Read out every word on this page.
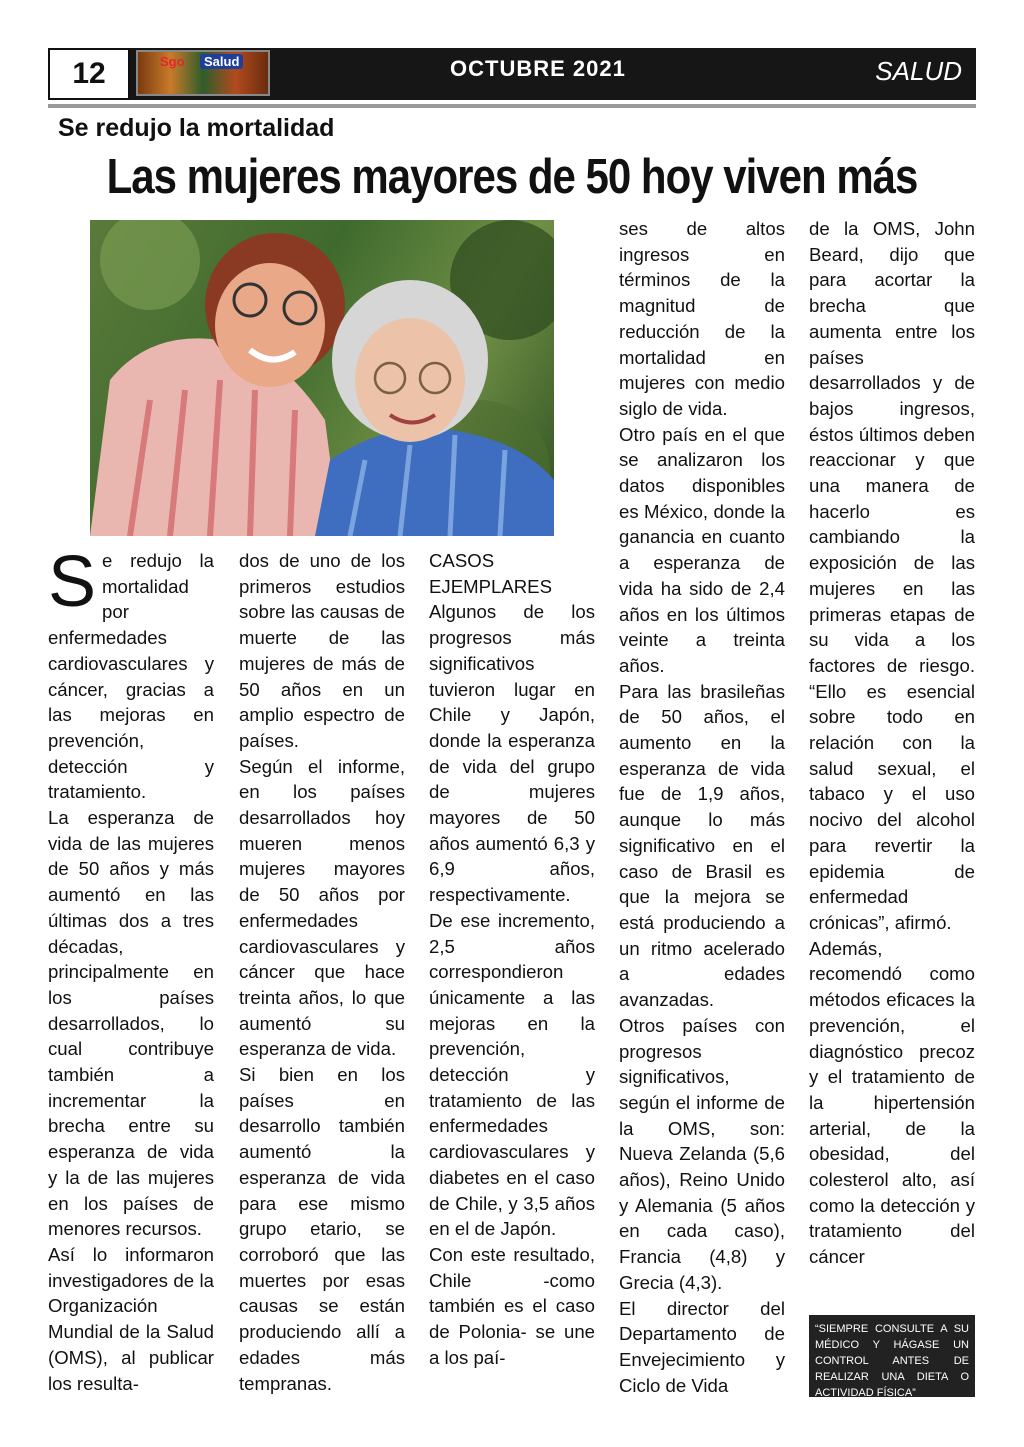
12	OCTUBRE 2021	SALUD
Sgo	Salud
Se redujo la mortalidad
Las mujeres mayores de 50 hoy viven más

Se redujo la mortalidad por enfermedades cardiovasculares y cáncer, gracias a las mejoras en prevención, detección y tratamiento.

La esperanza de vida de las mujeres de 50 años y más aumentó en las últimas dos a tres décadas, principalmente en los países desarrollados, lo cual contribuye también a incrementar la brecha entre su esperanza de vida y la de las mujeres en los países de menores recursos.

Así lo informaron investigadores de la Organización Mundial de la Salud (OMS), al publicar los resulta-

dos de uno de los primeros estudios sobre las causas de muerte de las mujeres de más de 50 años en un amplio espectro de países.

Según el informe, en los países desarrollados hoy mueren menos mujeres mayores de 50 años por enfermedades cardiovasculares y cáncer que hace treinta años, lo que aumentó su esperanza de vida.

Si bien en los países en desarrollo también aumentó la esperanza de vida para ese mismo grupo etario, se corroboró que las muertes por esas causas se están produciendo allí a edades más tempranas.

CASOS EJEMPLARES

Algunos de los progresos más significativos tuvieron lugar en Chile y Japón, donde la esperanza de vida del grupo de mujeres mayores de 50 años aumentó 6,3 y 6,9 años, respectivamente.

De ese incremento, 2,5 años correspondieron únicamente a las mejoras en la prevención, detección y tratamiento de las enfermedades cardiovasculares y diabetes en el caso de Chile, y 3,5 años en el de Japón.

Con este resultado, Chile -como también es el caso de Polonia- se une a los paí-

ses de altos ingresos en términos de la magnitud de reducción de la mortalidad en mujeres con medio siglo de vida.

Otro país en el que se analizaron los datos disponibles es México, donde la ganancia en cuanto a esperanza de vida ha sido de 2,4 años en los últimos veinte a treinta años.

Para las brasileñas de 50 años, el aumento en la esperanza de vida fue de 1,9 años, aunque lo más significativo en el caso de Brasil es que la mejora se está produciendo a un ritmo acelerado a edades avanzadas.

Otros países con progresos significativos, según el informe de la OMS, son: Nueva Zelanda (5,6 años), Reino Unido y Alemania (5 años en cada caso), Francia (4,8) y Grecia (4,3).

El director del Departamento de Envejecimiento y Ciclo de Vida

de la OMS, John Beard, dijo que para acortar la brecha que aumenta entre los países desarrollados y de bajos ingresos, éstos últimos deben reaccionar y que una manera de hacerlo es cambiando la exposición de las mujeres en las primeras etapas de su vida a los factores de riesgo. “Ello es esencial sobre todo en relación con la salud sexual, el tabaco y el uso nocivo del alcohol para revertir la epidemia de enfermedad crónicas”, afirmó.

Además, recomendó como métodos eficaces la prevención, el diagnóstico precoz y el tratamiento de la hipertensión arterial, de la obesidad, del colesterol alto, así como la detección y tratamiento del cáncer

“SIEMPRE CONSULTE A SU MÉDICO Y HÁGASE UN CONTROL ANTES DE REALIZAR UNA DIETA O ACTIVIDAD FÍSICA”
